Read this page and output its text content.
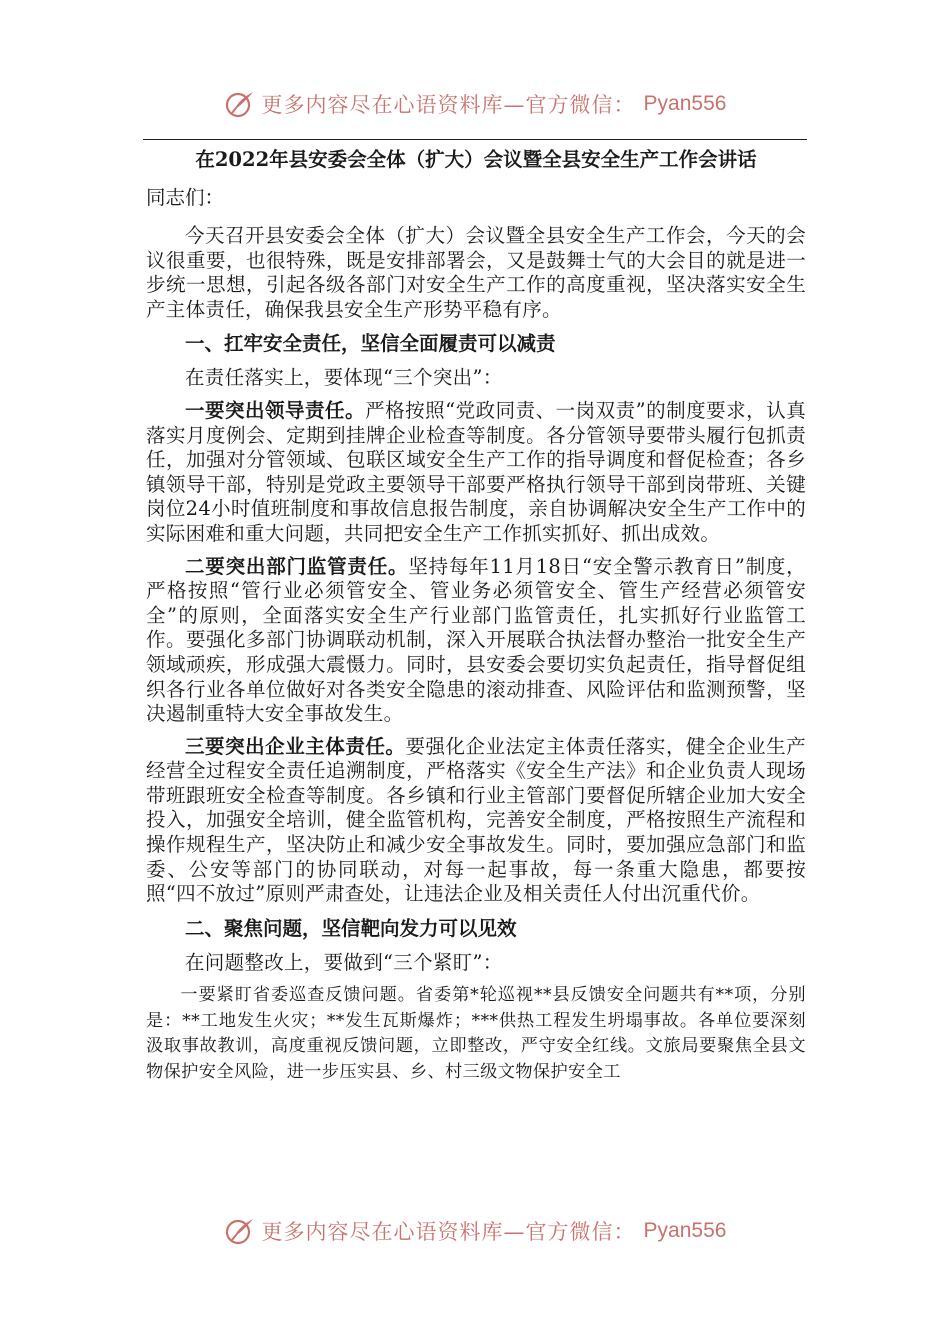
更多内容尽在心语资料库—官方微信： Pyan556
在2022年县安委会全体（扩大）会议暨全县安全生产工作会讲话
同志们：

今天召开县安委会全体（扩大）会议暨全县安全生产工作会，今天的会议很重要，也很特殊，既是安排部署会，又是鼓舞士气的大会目的就是进一步统一思想，引起各级各部门对安全生产工作的高度重视，坚决落实安全生产主体责任，确保我县安全生产形势平稳有序。

一、扛牢安全责任，坚信全面履责可以减责

在责任落实上，要体现“三个突出”：

一要突出领导责任。严格按照“党政同责、一岗双责”的制度要求，认真落实月度例会、定期到挂牌企业检查等制度。各分管领导要带头履行包抓责任，加强对分管领域、包联区域安全生产工作的指导调度和督促检查；各乡镇领导干部，特别是党政主要领导干部要严格执行领导干部到岗带班、关键岗位24小时值班制度和事故信息报告制度，亲自协调解决安全生产工作中的实际困难和重大问题，共同把安全生产工作抓实抓好、抓出成效。

二要突出部门监管责任。坚持每年11月18日“安全警示教育日”制度，严格按照“管行业必须管安全、管业务必须管安全、管生产经营必须管安全”的原则，全面落实安全生产行业部门监管责任，扎实抓好行业监管工作。要强化多部门协调联动机制，深入开展联合执法督办整治一批安全生产领域顽疾，形成强大震慑力。同时，县安委会要切实负起责任，指导督促组织各行业各单位做好对各类安全隐患的滚动排查、风险评估和监测预警，坚决遏制重特大安全事故发生。

三要突出企业主体责任。要强化企业法定主体责任落实，健全企业生产经营全过程安全责任追溯制度，严格落实《安全生产法》和企业负责人现场带班跟班安全检查等制度。各乡镇和行业主管部门要督促所辖企业加大安全投入，加强安全培训，健全监管机构，完善安全制度，严格按照生产流程和操作规程生产，坚决防止和减少安全事故发生。同时，要加强应急部门和监委、公安等部门的协同联动，对每一起事故，每一条重大隐患，都要按照“四不放过”原则严肃查处，让违法企业及相关责任人付出沉重代价。

二、聚焦问题，坚信靶向发力可以见效

在问题整改上，要做到“三个紧盯”：

一要紧盯省委巡查反馈问题。省委第*轮巡视**县反馈安全问题共有**项，分别是：**工地发生火灾；**发生瓦斯爆炸；***供热工程发生坍塌事故。各单位要深刻汲取事故教训，高度重视反馈问题，立即整改，严守安全红线。文旅局要聚焦全县文物保护安全风险，进一步压实县、乡、村三级文物保护安全工

更多内容尽在心语资料库—官方微信： Pyan556
